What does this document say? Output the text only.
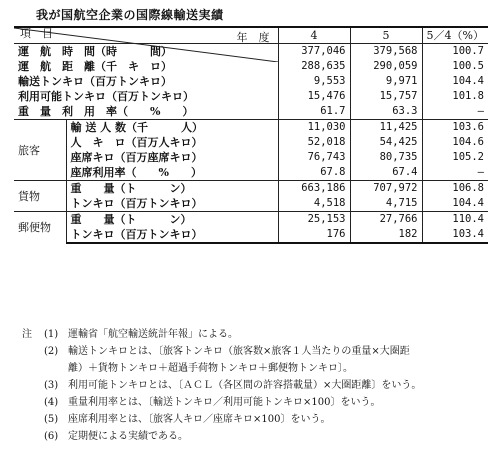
我が国航空企業の国際線輸送実績
年　度
項　目		4	5	5／4（%）
運　航　時　間（時　　　間）		377,046	379,568	100.7
運　航　距　離（千　キ　ロ）		288,635	290,059	100.5
輸送トンキロ（百万トンキロ）		9,553	9,971	104.4
利用可能トンキロ（百万トンキロ）		15,476	15,757	101.8
重　量　利　用　率（　　%　　）		61.7	63.3	—
旅客	輸 送 人 数（千　　　人）	11,030	11,425	103.6
	人　キ　ロ（百万人キロ）	52,018	54,425	104.6
	座席キロ（百万座席キロ）	76,743	80,735	105.2
	座席利用率（　　%　　）	67.8	67.4	—
貨物	重　　量（ト　　　ン）	663,186	707,972	106.8
	トンキロ（百万トンキロ）	4,518	4,715	104.4
郵便物	重　　量（ト　　　ン）	25,153	27,766	110.4
	トンキロ（百万トンキロ）	176	182	103.4
注	(1) 運輸省「航空輸送統計年報」による。
(2) 輸送トンキロとは、〔旅客トンキロ（旅客数×旅客１人当たりの重量×大圏距
離）＋貨物トンキロ＋超過手荷物トンキロ＋郵便物トンキロ〕。
(3) 利用可能トンキロとは、〔ＡＣＬ（各区間の許容搭載量）×大圏距離〕をいう。
(4) 重量利用率とは、〔輸送トンキロ／利用可能トンキロ×100〕をいう。
(5) 座席利用率とは、〔旅客人キロ／座席キロ×100〕をいう。
(6) 定期便による実績である。
